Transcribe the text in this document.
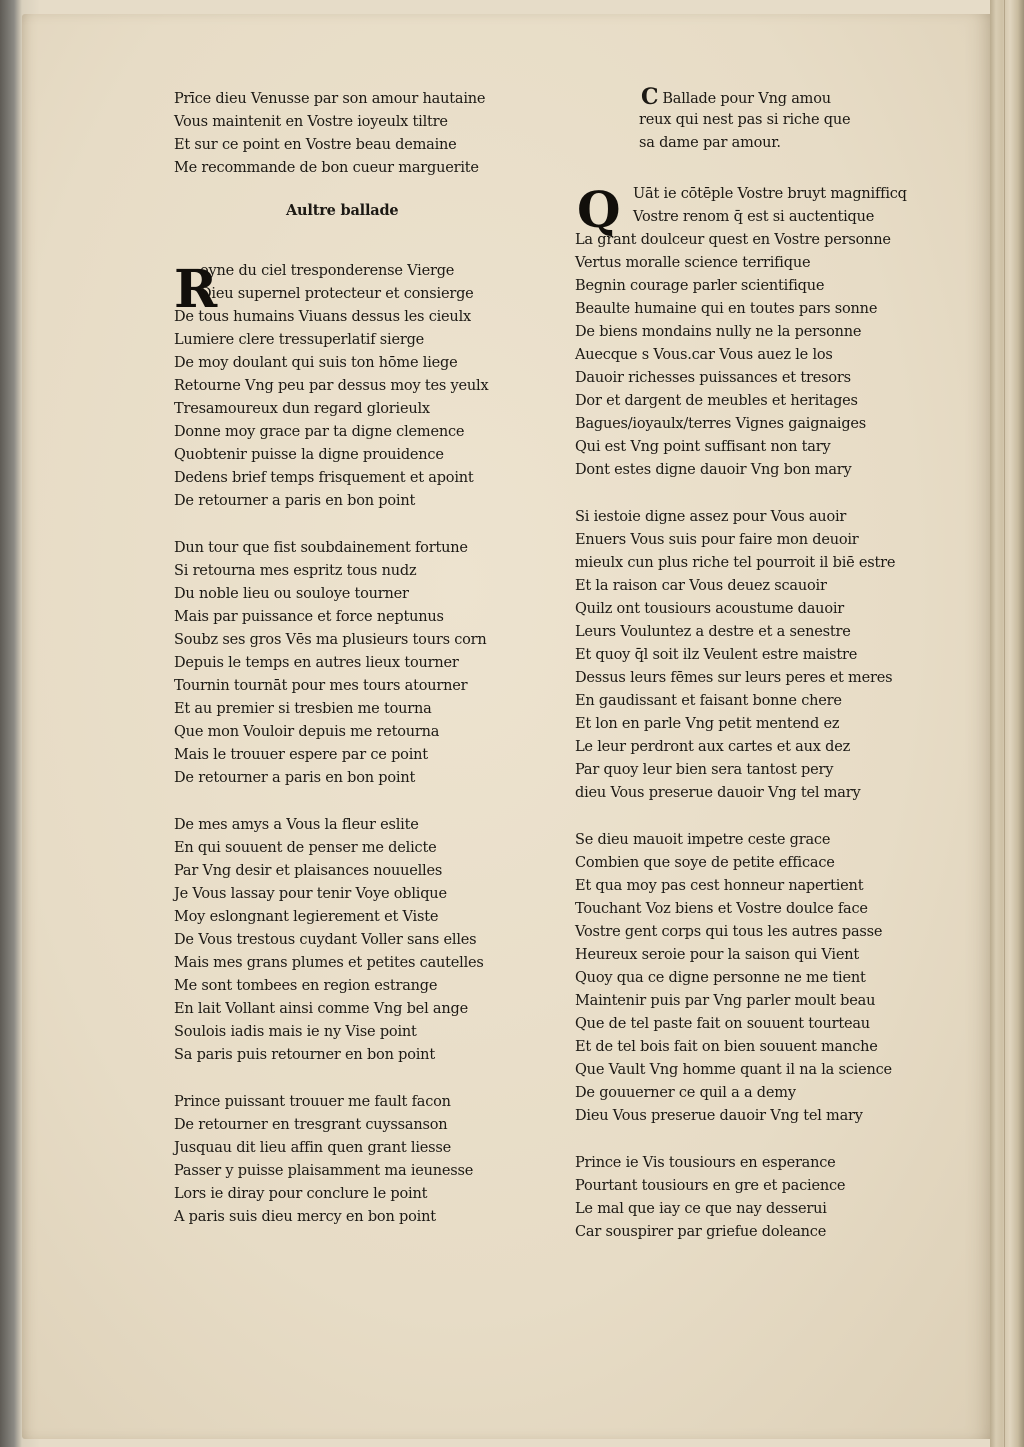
Prīce dieu Venusse par son amour hautaine
Vous maintenit en Vostre ioyeulx tiltre
Et sur ce point en Vostre beau demaine
Me recommande de bon cueur marguerite
Aultre ballade
R
oyne du ciel tresponderense Vierge
Dieu supernel protecteur et consierge
De tous humains Viuans dessus les cieulx
Lumiere clere tressuperlatif sierge
De moy doulant qui suis ton hōme liege
Retourne Vng peu par dessus moy tes yeulx
Tresamoureux dun regard glorieulx
Donne moy grace par ta digne clemence
Quobtenir puisse la digne prouidence
Dedens brief temps frisquement et apoint
De retourner a paris en bon point
Dun tour que fist soubdainement fortune
Si retourna mes espritz tous nudz
Du noble lieu ou souloye tourner
Mais par puissance et force neptunus
Soubz ses gros Vēs ma plusieurs tours corn
Depuis le temps en autres lieux tourner
Tournin tournāt pour mes tours atourner
Et au premier si tresbien me tourna
Que mon Vouloir depuis me retourna
Mais le trouuer espere par ce point
De retourner a paris en bon point
De mes amys a Vous la fleur eslite
En qui souuent de penser me delicte
Par Vng desir et plaisances nouuelles
Je Vous lassay pour tenir Voye oblique
Moy eslongnant legierement et Viste
De Vous trestous cuydant Voller sans elles
Mais mes grans plumes et petites cautelles
Me sont tombees en region estrange
En lait Vollant ainsi comme Vng bel ange
Soulois iadis mais ie ny Vise point
Sa paris puis retourner en bon point
Prince puissant trouuer me fault facon
De retourner en tresgrant cuyssanson
Jusquau dit lieu affin quen grant liesse
Passer y puisse plaisamment ma ieunesse
Lors ie diray pour conclure le point
A paris suis dieu mercy en bon point
C Ballade pour Vng amou
reux qui nest pas si riche que
sa dame par amour.
Q Uāt ie cōtēple Vostre bruyt magnifficq
Vostre renom q̄ est si auctentique
La grant doulceur quest en Vostre personne
Vertus moralle science terrifique
Begnin courage parler scientifique
Beaulte humaine qui en toutes pars sonne
De biens mondains nully ne la personne
Auecque s Vous.car Vous auez le los
Dauoir richesses puissances et tresors
Dor et dargent de meubles et heritages
Bagues/ioyaulx/terres Vignes gaignaiges
Qui est Vng point suffisant non tary
Dont estes digne dauoir Vng bon mary
Si iestoie digne assez pour Vous auoir
Enuers Vous suis pour faire mon deuoir
mieulx cun plus riche tel pourroit il biē estre
Et la raison car Vous deuez scauoir
Quilz ont tousiours acoustume dauoir
Leurs Vouluntez a destre et a senestre
Et quoy q̄l soit ilz Veulent estre maistre
Dessus leurs fēmes sur leurs peres et meres
En gaudissant et faisant bonne chere
Et lon en parle Vng petit mentend ez
Le leur perdront aux cartes et aux dez
Par quoy leur bien sera tantost pery
dieu Vous preserue dauoir Vng tel mary
Se dieu mauoit impetre ceste grace
Combien que soye de petite efficace
Et qua moy pas cest honneur napertient
Touchant Voz biens et Vostre doulce face
Vostre gent corps qui tous les autres passe
Heureux seroie pour la saison qui Vient
Quoy qua ce digne personne ne me tient
Maintenir puis par Vng parler moult beau
Que de tel paste fait on souuent tourteau
Et de tel bois fait on bien souuent manche
Que Vault Vng homme quant il na la science
De gouuerner ce quil a a demy
Dieu Vous preserue dauoir Vng tel mary
Prince ie Vis tousiours en esperance
Pourtant tousiours en gre et pacience
Le mal que iay ce que nay desserui
Car souspirer par griefue doleance
